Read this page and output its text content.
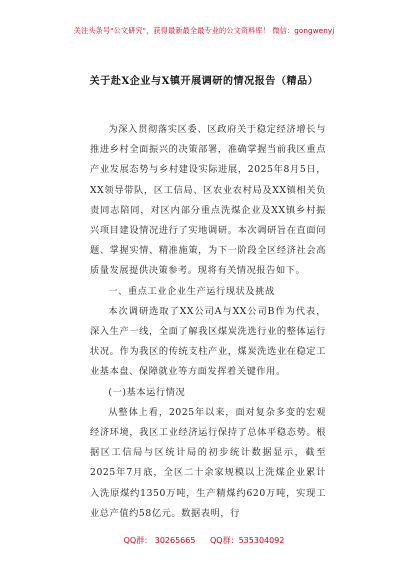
关注头条号"公文研究"，获得最新最全最专业的公文资料库！ 微信：gongwenyj
关于赴X企业与X镇开展调研的情况报告（精品）

为深入贯彻落实区委、区政府关于稳定经济增长与推进乡村全面振兴的决策部署，准确掌握当前我区重点产业发展态势与乡村建设实际进展，2025年8月5日，XX领导带队，区工信局、区农业农村局及XX镇相关负责同志陪同，对区内部分重点洗煤企业及XX镇乡村振兴项目建设情况进行了实地调研。本次调研旨在直面问题、掌握实情、精准施策，为下一阶段全区经济社会高质量发展提供决策参考。现将有关情况报告如下。

一、重点工业企业生产运行现状及挑战

本次调研选取了XX公司A与XX公司B作为代表，深入生产一线，全面了解我区煤炭洗选行业的整体运行状况。作为我区的传统支柱产业，煤炭洗选业在稳定工业基本盘、保障就业等方面发挥着关键作用。

(一)基本运行情况

从整体上看，2025年以来，面对复杂多变的宏观经济环境，我区工业经济运行保持了总体平稳态势。根据区工信局与区统计局的初步统计数据显示，截至2025年7月底，全区二十余家规模以上洗煤企业累计入洗原煤约1350万吨，生产精煤约620万吨，实现工业总产值约58亿元。数据表明，行

QQ群： 30265665 QQ群：535304092
